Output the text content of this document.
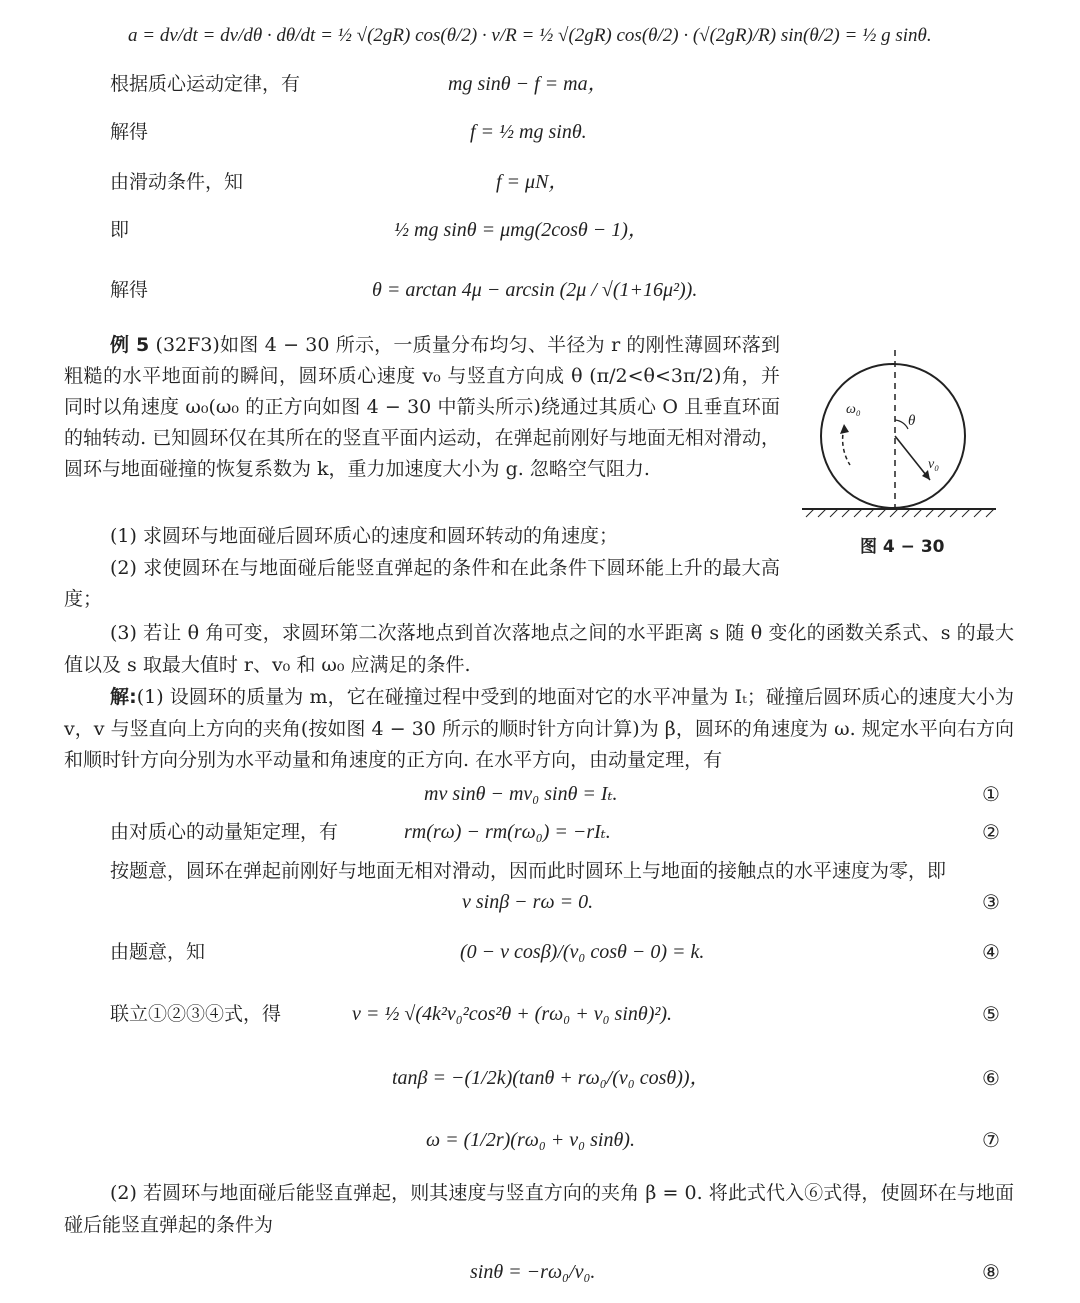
a = dv/dt = dv/dθ · dθ/dt = ½ √(2gR) cos(θ/2) · v/R = ½ √(2gR) cos(θ/2) · (√(2gR)/R) sin(θ/2) = ½ g sinθ.
根据质心运动定律，有	mg sinθ − f = ma，
解得	f = ½ mg sinθ.
由滑动条件，知	f = μN，
即	½ mg sinθ = μmg(2cosθ − 1)，
解得	θ = arctan 4μ − arcsin (2μ / √(1+16μ²)).
例 5 (32F3)如图 4 − 30 所示，一质量分布均匀、半径为 r 的刚性薄圆环落到粗糙的水平地面前的瞬间，圆环质心速度 v₀ 与竖直方向成 θ (π/2<θ<3π/2)角，并同时以角速度 ω₀(ω₀ 的正方向如图 4 − 30 中箭头所示)绕通过其质心 O 且垂直环面的轴转动. 已知圆环仅在其所在的竖直平面内运动，在弹起前刚好与地面无相对滑动，圆环与地面碰撞的恢复系数为 k，重力加速度大小为 g. 忽略空气阻力.
(1) 求圆环与地面碰后圆环质心的速度和圆环转动的角速度；
(2) 求使圆环在与地面碰后能竖直弹起的条件和在此条件下圆环能上升的最大高度；
(3) 若让 θ 角可变，求圆环第二次落地点到首次落地点之间的水平距离 s 随 θ 变化的函数关系式、s 的最大值以及 s 取最大值时 r、v₀ 和 ω₀ 应满足的条件.
ω₀
θ
v₀
图 4 − 30
解:(1) 设圆环的质量为 m，它在碰撞过程中受到的地面对它的水平冲量为 Iₜ；碰撞后圆环质心的速度大小为 v，v 与竖直向上方向的夹角(按如图 4 − 30 所示的顺时针方向计算)为 β，圆环的角速度为 ω. 规定水平向右方向和顺时针方向分别为水平动量和角速度的正方向. 在水平方向，由动量定理，有
mv sinθ − mv₀ sinθ = Iₜ.	①
由对质心的动量矩定理，有	rm(rω) − rm(rω₀) = −rIₜ.	②
按题意，圆环在弹起前刚好与地面无相对滑动，因而此时圆环上与地面的接触点的水平速度为零，即
v sinβ − rω = 0.	③
由题意，知	(0 − v cosβ)/(v₀ cosθ − 0) = k.	④
联立①②③④式，得	v = ½ √(4k²v₀²cos²θ + (rω₀ + v₀ sinθ)²).	⑤
tanβ = −(1/2k)(tanθ + rω₀/(v₀ cosθ))，	⑥
ω = (1/2r)(rω₀ + v₀ sinθ).	⑦
(2) 若圆环与地面碰后能竖直弹起，则其速度与竖直方向的夹角 β = 0. 将此式代入⑥式得，使圆环在与地面碰后能竖直弹起的条件为
sinθ = −rω₀/v₀.	⑧
